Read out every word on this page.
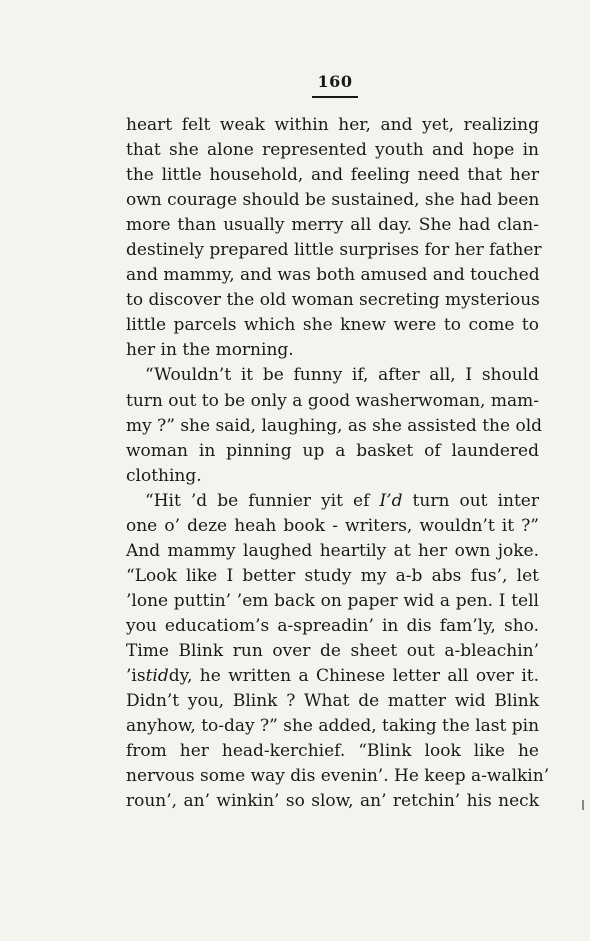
160
heart felt weak within her, and yet, realizing
that she alone represented youth and hope in
the little household, and feeling need that her
own courage should be sustained, she had been
more than usually merry all day. She had clan-
destinely prepared little surprises for her father
and mammy, and was both amused and touched
to discover the old woman secreting mysterious
little parcels which she knew were to come to
her in the morning.
“Wouldn’t it be funny if, after all, I should
turn out to be only a good washerwoman, mam-
my ?” she said, laughing, as she assisted the old
woman in pinning up a basket of laundered
clothing.
“Hit ’d be funnier yit ef I’d turn out inter
one o’ deze heah book - writers, wouldn’t it ?”
And mammy laughed heartily at her own joke.
“Look like I better study my a-b abs fus’, let
’lone puttin’ ’em back on paper wid a pen. I tell
you educatiom’s a-spreadin’ in dis fam’ly, sho.
Time Blink run over de sheet out a-bleachin’
’istiddy, he written a Chinese letter all over it.
Didn’t you, Blink ? What de matter wid Blink
anyhow, to-day ?” she added, taking the last pin
from her head-kerchief. “Blink look like he
nervous some way dis evenin’. He keep a-walkin’
roun’, an’ winkin’ so slow, an’ retchin’ his neck
